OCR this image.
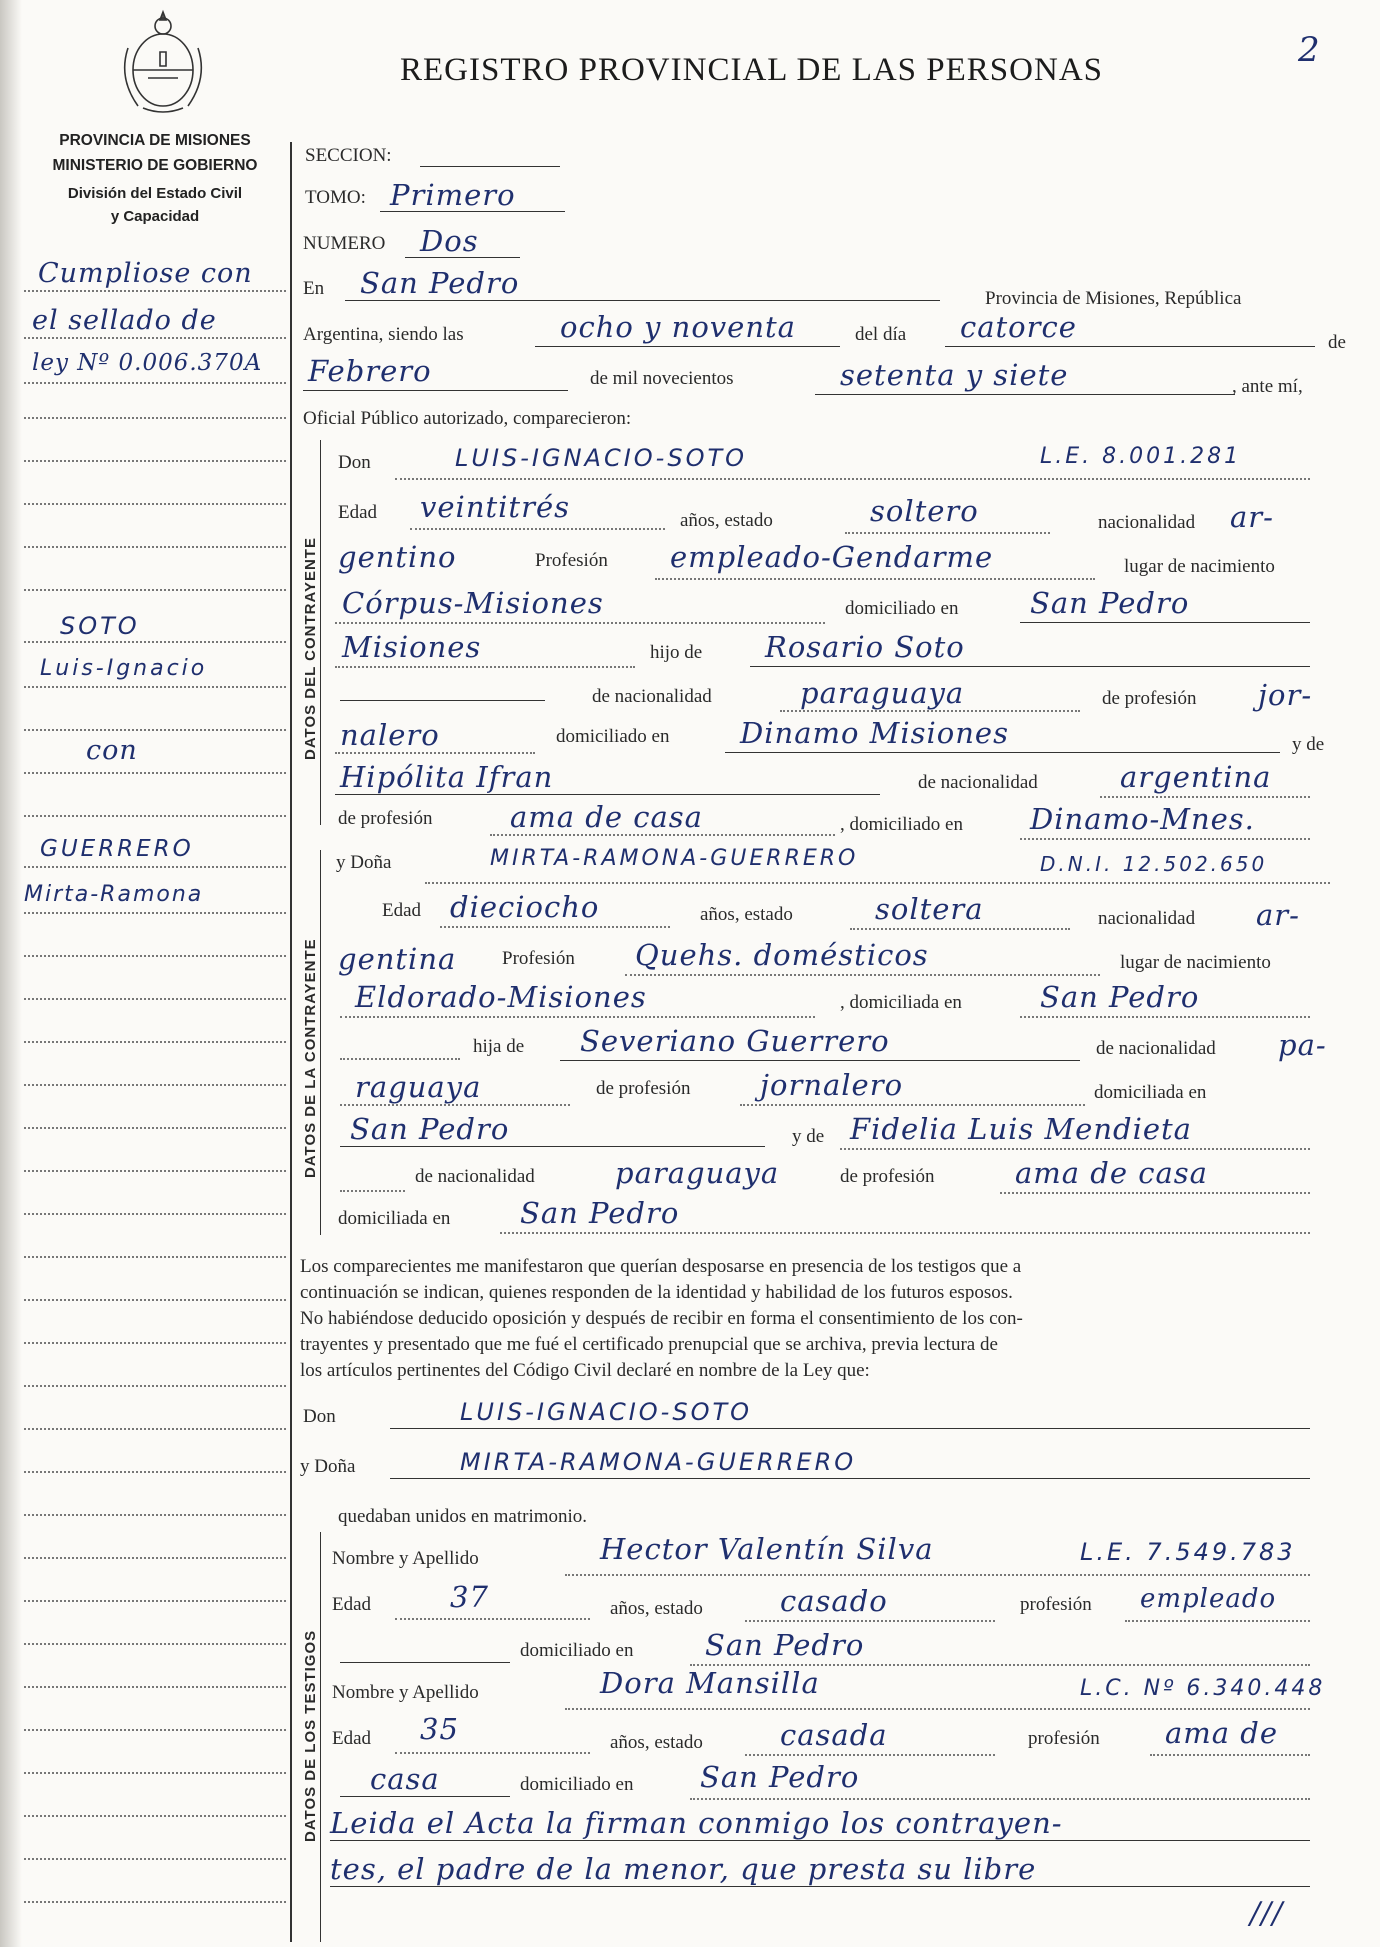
REGISTRO PROVINCIAL DE LAS PERSONAS	2
PROVINCIA DE MISIONES
MINISTERIO DE GOBIERNO
División del Estado Civil
y Capacidad
Cumpliose con
el sellado de
ley Nº 0.006.370A
SOTO
Luis-Ignacio
con
GUERRERO
Mirta-Ramona
SECCION:
TOMO: Primero
NUMERO Dos
En San Pedro	Provincia de Misiones, República
Argentina, siendo las	ocho y noventa	del día catorce	de
Febrero	de mil novecientos	setenta y siete	, ante mí,
Oficial Público autorizado, comparecieron:
DATOS DEL CONTRAYENTE
Don	LUIS-IGNACIO-SOTO	L.E. 8.001.281
Edad veintitrés	años, estado	soltero	nacionalidad ar-
gentino	Profesión empleado-Gendarme	lugar de nacimiento
Córpus-Misiones	domiciliado en San Pedro
Misiones	hijo de Rosario Soto
de nacionalidad	paraguaya	de profesión jor-
nalero	domiciliado en Dinamo Misiones	y de
Hipólita Ifran	de nacionalidad	argentina
de profesión	ama de casa	, domiciliado en Dinamo-Mnes.
DATOS DE LA CONTRAYENTE
y Doña	MIRTA-RAMONA-GUERRERO	D.N.I. 12.502.650
Edad dieciocho	años, estado	soltera	nacionalidad ar-
gentina Profesión Quehs. domésticos	lugar de nacimiento
Eldorado-Misiones	, domiciliada en	San Pedro
hija de Severiano Guerrero	de nacionalidad pa-
raguaya	de profesión jornalero	domiciliada en
San Pedro	y de Fidelia Luis Mendieta
de nacionalidad	paraguaya	de profesión	ama de casa
domiciliada en San Pedro
Los comparecientes me manifestaron que querían desposarse en presencia de los testigos que a
continuación se indican, quienes responden de la identidad y habilidad de los futuros esposos.
No habiéndose deducido oposición y después de recibir en forma el consentimiento de los con-
trayentes y presentado que me fué el certificado prenupcial que se archiva, previa lectura de
los artículos pertinentes del Código Civil declaré en nombre de la Ley que:
Don	LUIS-IGNACIO-SOTO
y Doña	MIRTA-RAMONA-GUERRERO
quedaban unidos en matrimonio.
DATOS DE LOS TESTIGOS
Nombre y Apellido	Hector Valentín Silva	L.E. 7.549.783
Edad	37	años, estado	casado	profesión empleado
domiciliado en San Pedro
Nombre y Apellido	Dora Mansilla	L.C. Nº 6.340.448
Edad 35	años, estado	casada	profesión ama de
casa	domiciliado en San Pedro
Leida el Acta la firman conmigo los contrayen-
tes, el padre de la menor, que presta su libre
///
